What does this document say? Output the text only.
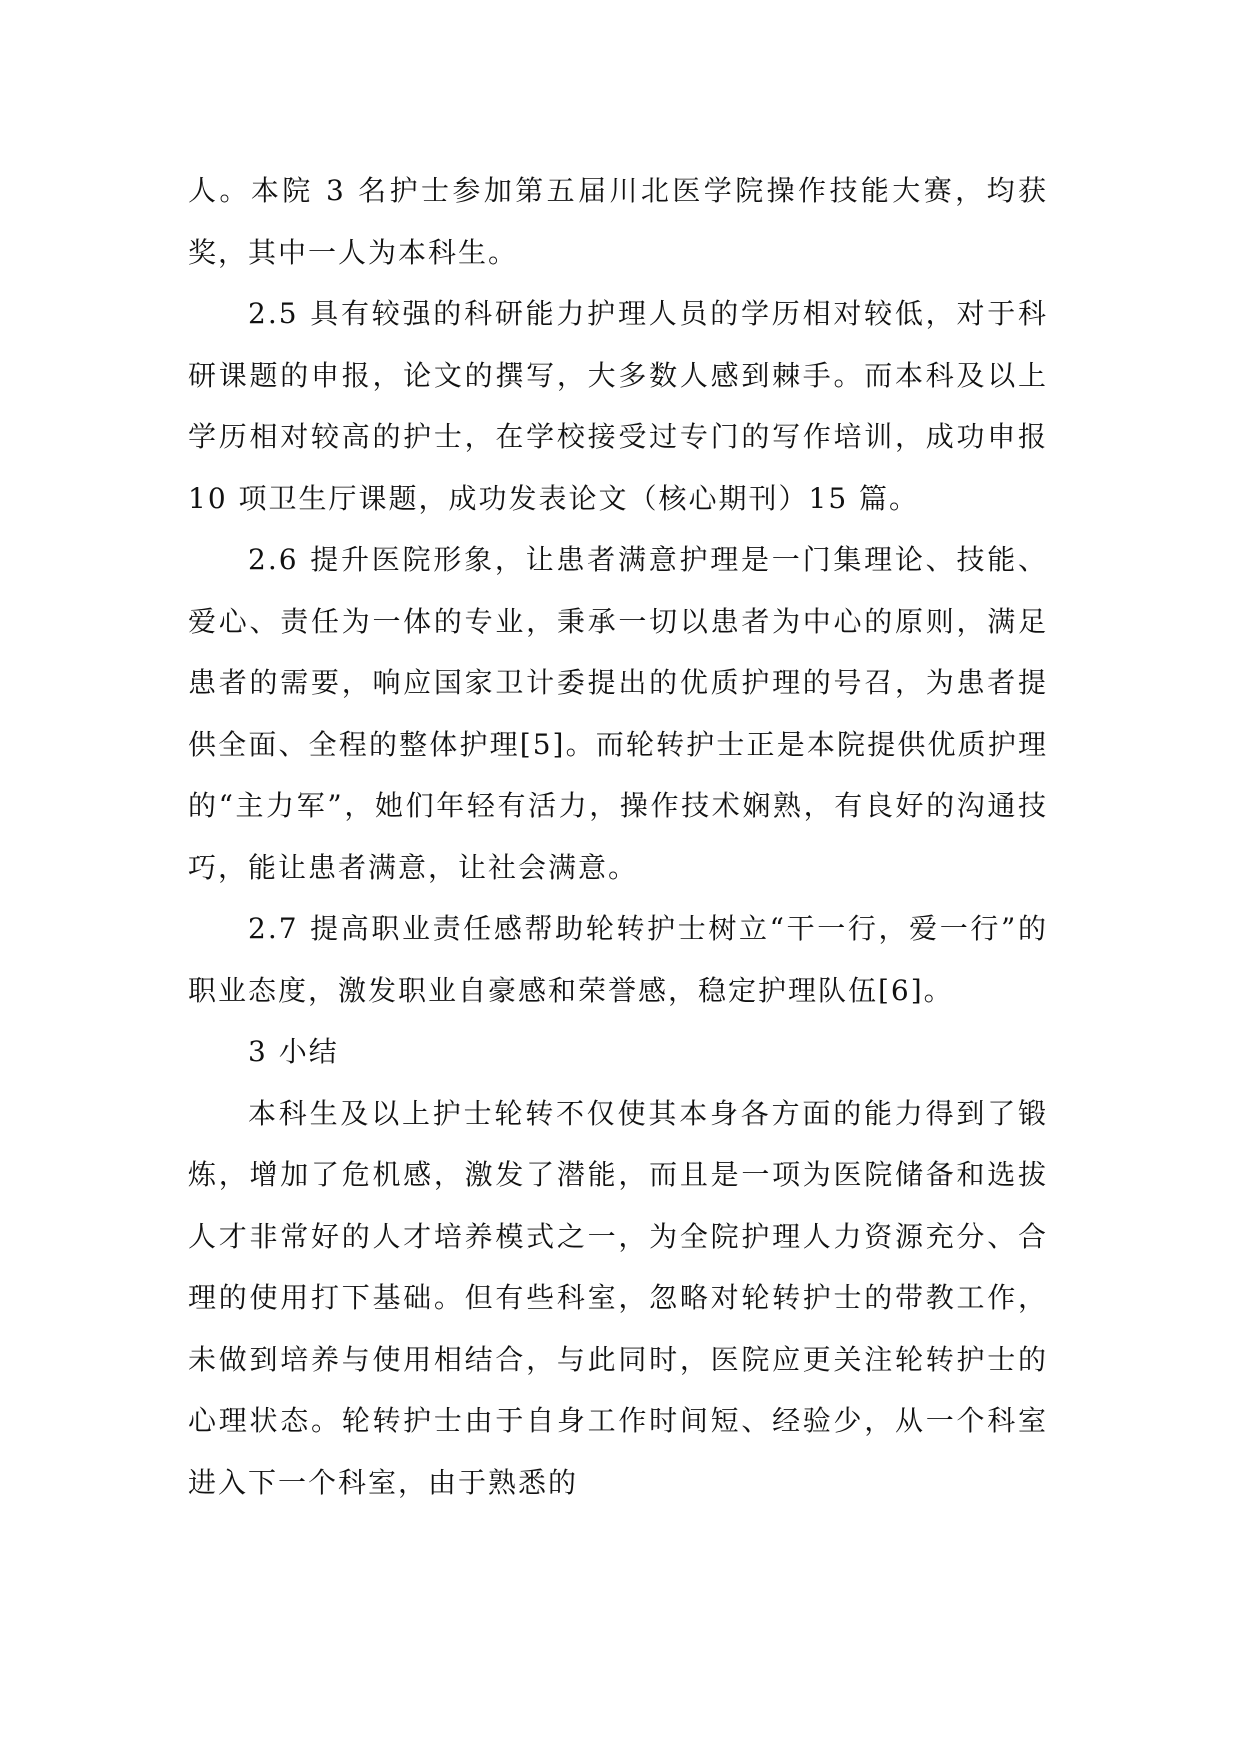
人。本院 3 名护士参加第五届川北医学院操作技能大赛，均获奖，其中一人为本科生。

2.5 具有较强的科研能力护理人员的学历相对较低，对于科研课题的申报，论文的撰写，大多数人感到棘手。而本科及以上学历相对较高的护士，在学校接受过专门的写作培训，成功申报 10 项卫生厅课题，成功发表论文（核心期刊）15 篇。

2.6 提升医院形象，让患者满意护理是一门集理论、技能、爱心、责任为一体的专业，秉承一切以患者为中心的原则，满足患者的需要，响应国家卫计委提出的优质护理的号召，为患者提供全面、全程的整体护理[5]。而轮转护士正是本院提供优质护理的“主力军”，她们年轻有活力，操作技术娴熟，有良好的沟通技巧，能让患者满意，让社会满意。

2.7 提高职业责任感帮助轮转护士树立“干一行，爱一行”的职业态度，激发职业自豪感和荣誉感，稳定护理队伍[6]。

3 小结

本科生及以上护士轮转不仅使其本身各方面的能力得到了锻炼，增加了危机感，激发了潜能，而且是一项为医院储备和选拔人才非常好的人才培养模式之一，为全院护理人力资源充分、合理的使用打下基础。但有些科室，忽略对轮转护士的带教工作，未做到培养与使用相结合，与此同时，医院应更关注轮转护士的心理状态。轮转护士由于自身工作时间短、经验少，从一个科室进入下一个科室，由于熟悉的
